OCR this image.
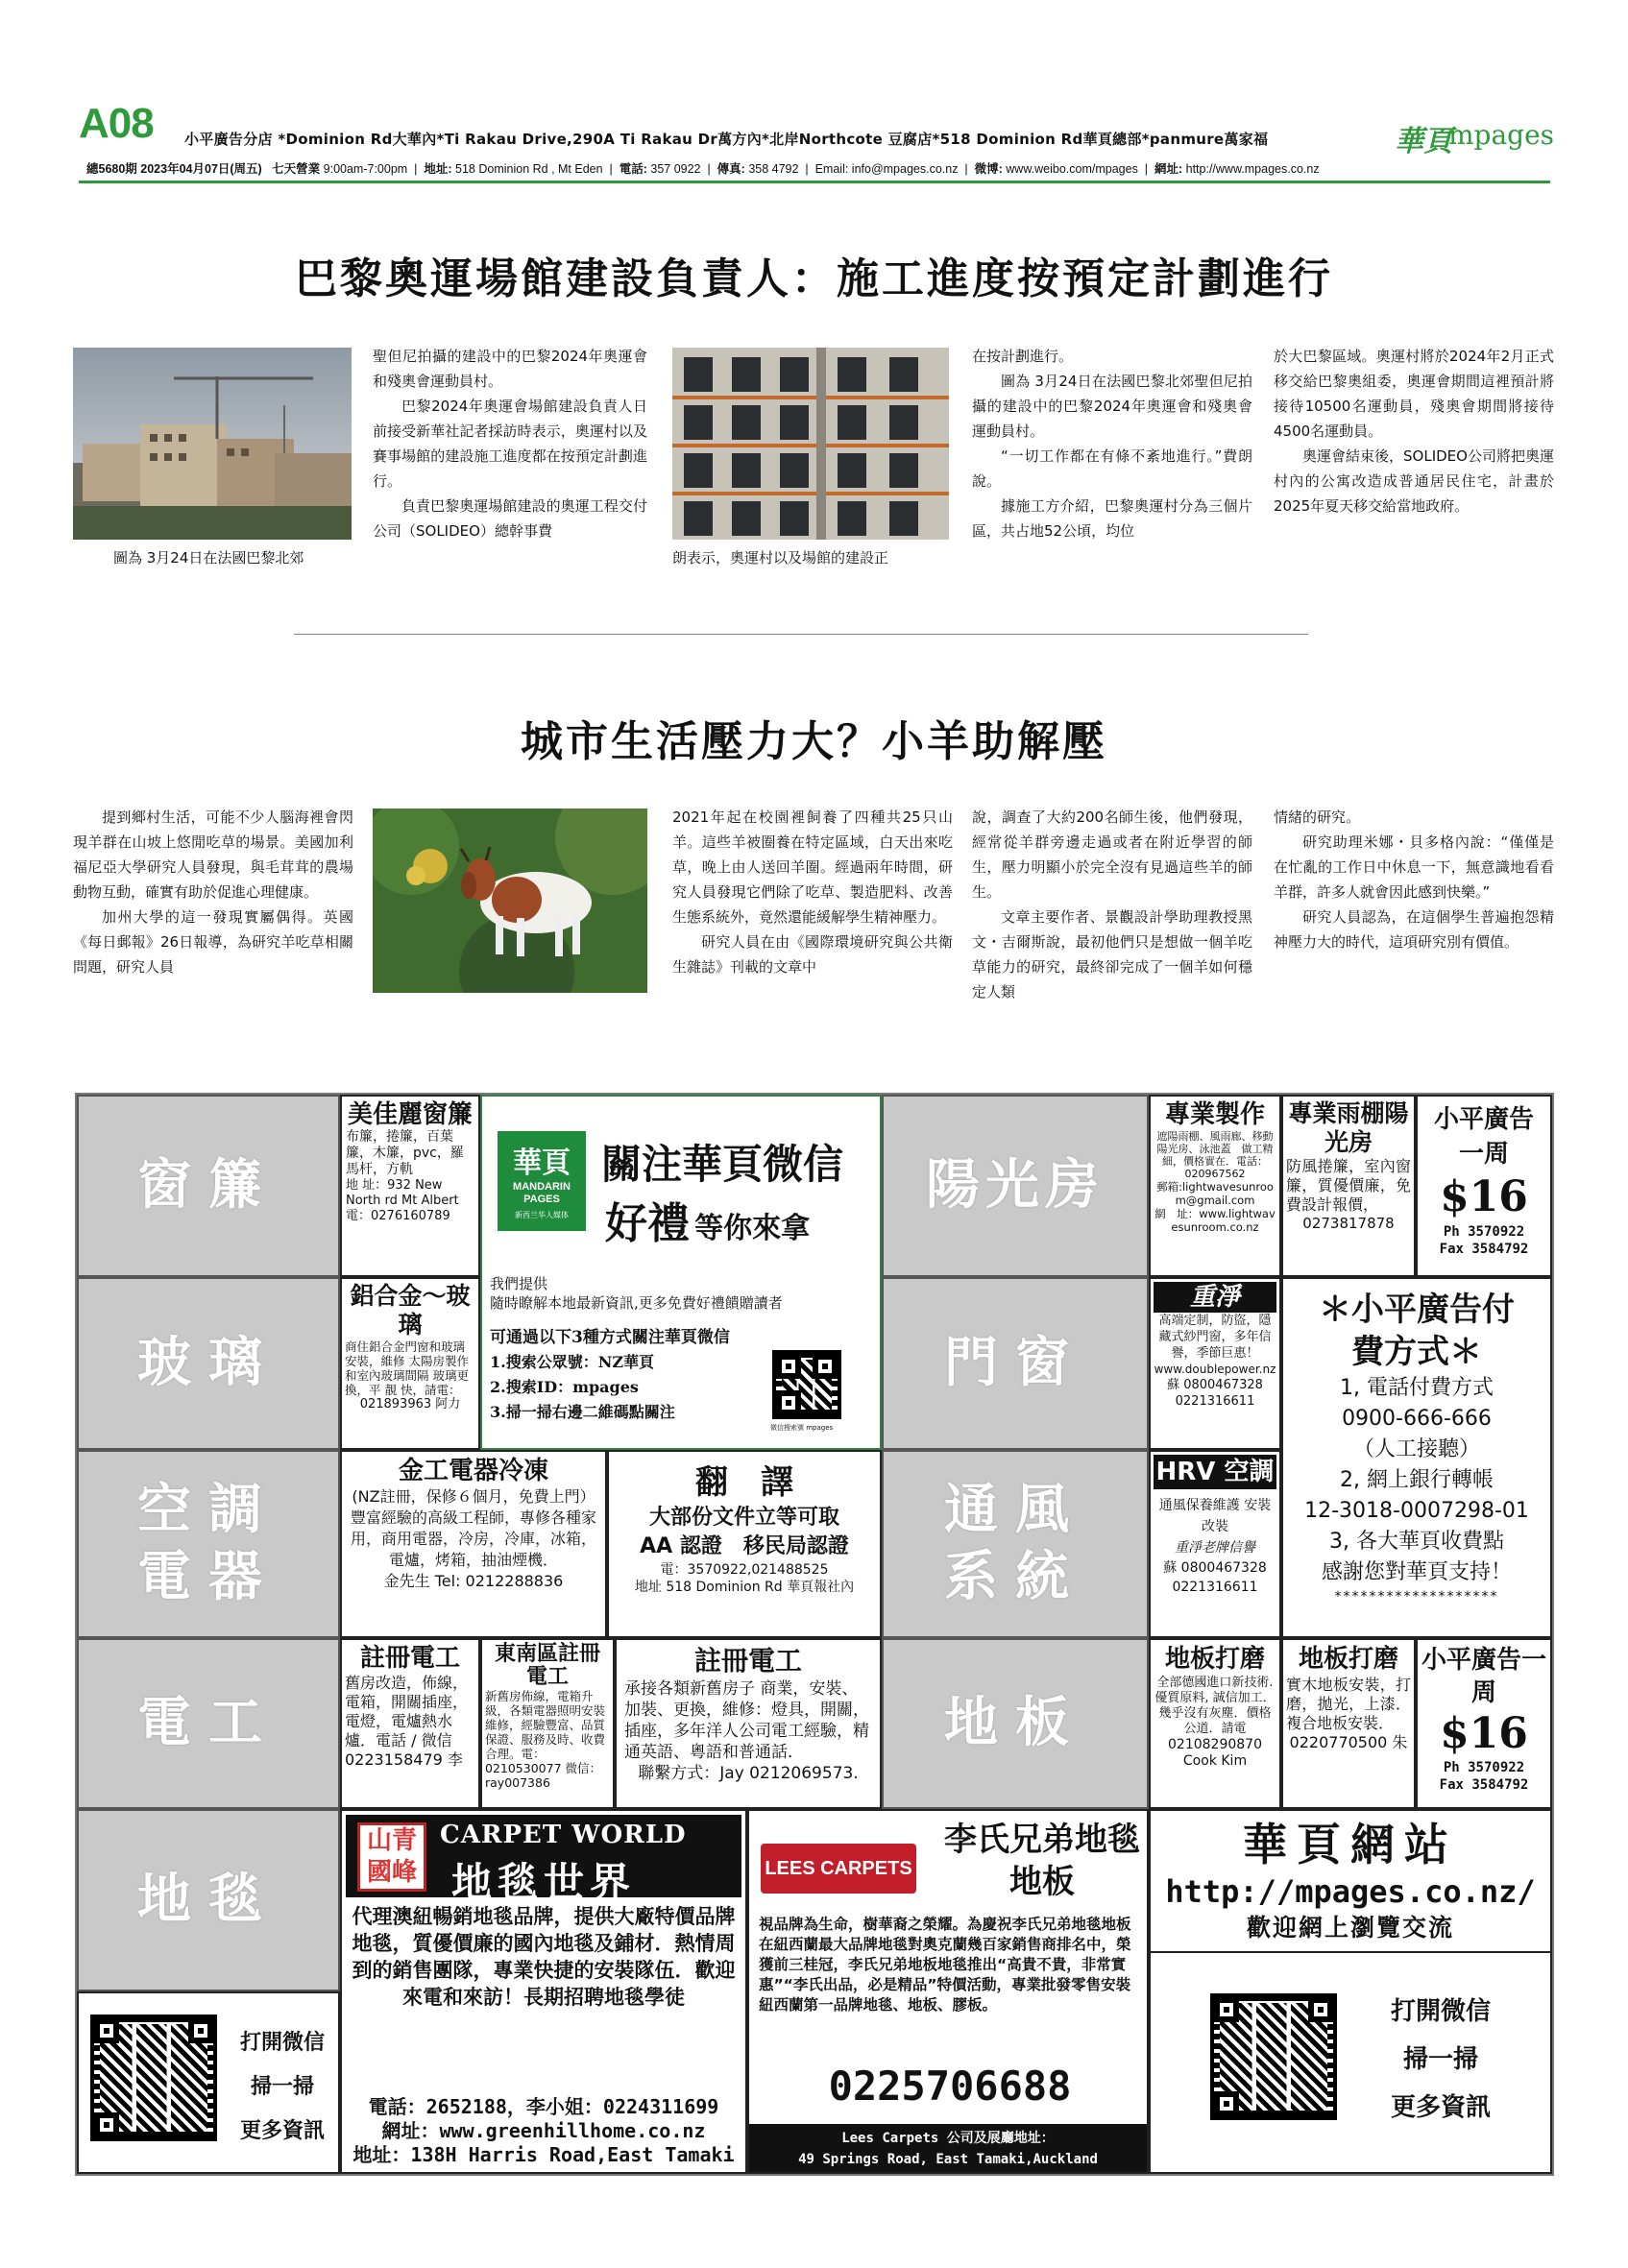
A08 小平廣告分店 *Dominion Rd大華內*Ti Rakau Drive,290A Ti Rakau Dr萬方內*北岸Northcote 豆腐店*518 Dominion Rd華頁總部*panmure萬家福	華頁
mpages
總5680期 2023年04月07日(周五) 七天營業 9:00am-7:00pm  |  地址: 518 Dominion Rd , Mt Eden  |  電話: 357 0922  |  傳真: 358 4792  |  Email: info@mpages.co.nz  |  微博: www.weibo.com/mpages  |  網址: http://www.mpages.co.nz
巴黎奧運場館建設負責人：施工進度按預定計劃進行
圖為 3月24日在法國巴黎北郊

聖但尼拍攝的建設中的巴黎2024年奧運會和殘奧會運動員村。

巴黎2024年奧運會場館建設負責人日前接受新華社記者採訪時表示，奧運村以及賽事場館的建設施工進度都在按預定計劃進行。

負責巴黎奧運場館建設的奧運工程交付公司（SOLIDEO）總幹事費

朗表示，奧運村以及場館的建設正

在按計劃進行。

圖為 3月24日在法國巴黎北郊聖但尼拍攝的建設中的巴黎2024年奧運會和殘奧會運動員村。

“一切工作都在有條不紊地進行。”費朗說。

據施工方介紹，巴黎奧運村分為三個片區，共占地52公頃，均位

於大巴黎區域。奧運村將於2024年2月正式移交給巴黎奧組委，奧運會期間這裡預計將接待10500名運動員，殘奧會期間將接待4500名運動員。

奧運會結束後，SOLIDEO公司將把奧運村內的公寓改造成普通居民住宅，計畫於2025年夏天移交給當地政府。

城市生活壓力大？小羊助解壓

提到鄉村生活，可能不少人腦海裡會閃現羊群在山坡上悠閒吃草的場景。美國加利福尼亞大學研究人員發現，與毛茸茸的農場動物互動，確實有助於促進心理健康。

加州大學的這一發現實屬偶得。英國《每日郵報》26日報導，為研究羊吃草相關問題，研究人員

2021年起在校園裡飼養了四種共25只山羊。這些羊被圈養在特定區域，白天出來吃草，晚上由人送回羊圈。經過兩年時間，研究人員發現它們除了吃草、製造肥料、改善生態系統外，竟然還能緩解學生精神壓力。

研究人員在由《國際環境研究與公共衛生雜誌》刊載的文章中

說，調查了大約200名師生後，他們發現，經常從羊群旁邊走過或者在附近學習的師生，壓力明顯小於完全沒有見過這些羊的師生。

文章主要作者、景觀設計學助理教授黑文・吉爾斯說，最初他們只是想做一個羊吃草能力的研究，最終卻完成了一個羊如何穩定人類

情緒的研究。

研究助理米娜・貝多格內說：“僅僅是在忙亂的工作日中休息一下，無意識地看看羊群，許多人就會因此感到快樂。”

研究人員認為，在這個學生普遍抱怨精神壓力大的時代，這項研究別有價值。

窗簾
玻璃
空調電器
電工
地毯
陽光房
門窗
通風系統
地板
美佳麗窗簾
布簾，捲簾，百葉簾，木簾，pvc，羅馬杆，方軌
地 址：932 New North rd Mt Albert
電：0276160789
華頁
MANDARIN PAGES
新西兰华人媒体
關注華頁微信
好禮 等你來拿
我們提供
隨時瞭解本地最新資訊,更多免費好禮饋贈讀者
可通過以下3種方式關注華頁微信
1.搜索公眾號：NZ華頁
2.搜索ID：mpages
3.掃一掃右邊二維碼點關注
微信搜索號 mpages
鋁合金～玻璃
商住鋁合金門窗和玻璃安裝，維修 太陽房製作和室內玻璃間隔 玻璃更換，平 靚 快，請電：
021893963 阿力
金工電器冷凍
(NZ註冊，保修６個月，免費上門）豐富經驗的高級工程師，專修各種家用，商用電器，冷房，冷庫，冰箱，電爐，烤箱，抽油煙機．
金先生 Tel: 0212288836
翻　譯
大部份文件立等可取
AA 認證　移民局認證
電：3570922,021488525
地址 518 Dominion Rd 華頁報社內
註冊電工
舊房改造，佈線，電箱，開關插座，電燈，電爐熱水爐．電話 / 微信
0223158479 李
東南區註冊電工
新舊房佈線，電箱升級，各類電器照明安裝維修，經驗豐富、品質保證、服務及時、收費合理。電：0210530077 微信：ray007386
註冊電工
承接各類新舊房子 商業，安裝、加裝、更換，維修：燈具，開關，插座，多年洋人公司電工經驗，精通英語、粵語和普通話．
聯繫方式：Jay 0212069573.
專業製作
遮陽雨棚、風雨廊、移動陽光房、泳池蓋　做工精細，價格實在．電話：020967562
郵箱:lightwavesunroom@gmail.com
網　址：www.lightwavesunroom.co.nz
專業雨棚陽光房
防風捲簾，室內窗簾，質優價廉，免費設計報價，
0273817878
小平廣告一周
$16
Ph 3570922
Fax 3584792
重淨
高端定制，防盜，隱藏式紗門窗，多年信譽，季節巨惠！
www.doublepower.nz
蘇 0800467328 0221316611
HRV 空調
通風保養維護 安裝改裝
重淨老牌信譽
蘇 0800467328 0221316611
＊小平廣告付費方式＊
1, 電話付費方式
0900-666-666
（人工接聽）
2, 網上銀行轉帳
12-3018-0007298-01
3, 各大華頁收費點
感謝您對華頁支持！
*******************
地板打磨
全部德國進口新技術. 優質原料, 誠信加工．幾乎沒有灰塵．價格公道．請電
02108290870 Cook Kim
地板打磨
實木地板安裝，打磨，拋光，上漆．複合地板安裝．
0220770500 朱
小平廣告一周
$16
Ph 3570922
Fax 3584792
山青國峰
CARPET WORLD
地毯世界
代理澳紐暢銷地毯品牌，提供大廠特價品牌地毯，質優價廉的國內地毯及鋪材．熱情周到的銷售團隊，專業快捷的安裝隊伍．歡迎來電和來訪！長期招聘地毯學徒
電話：2652188，李小姐：0224311699
網址：www.greenhillhome.co.nz
地址：138H Harris Road,East Tamaki
LEES CARPETS
李氏兄弟地毯地板
視品牌為生命，樹華裔之榮耀。為慶祝李氏兄弟地毯地板在紐西蘭最大品牌地毯對奧克蘭幾百家銷售商排名中，榮獲前三桂冠，李氏兄弟地板地毯推出“高貴不貴，非常實惠”“李氏出品，必是精品”特價活動，專業批發零售安裝紐西蘭第一品牌地毯、地板、膠板。
0225706688
Lees Carpets 公司及展廳地址：
49 Springs Road, East Tamaki,Auckland
華頁網站
http://mpages.co.nz/
歡迎網上瀏覽交流
打開微信
掃一掃
更多資訊
打開微信
掃一掃
更多資訊
